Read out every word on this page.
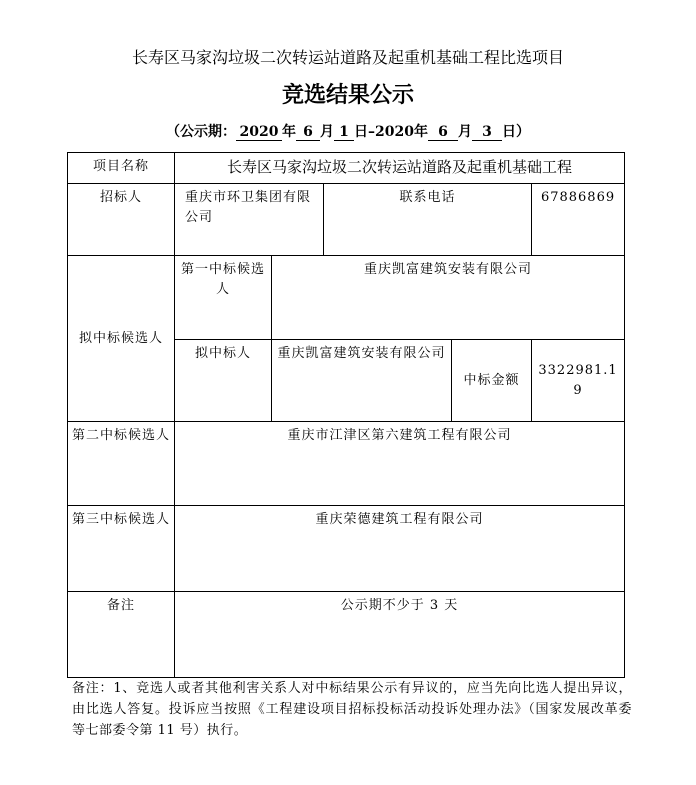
长寿区马家沟垃圾二次转运站道路及起重机基础工程比选项目
竞选结果公示
（公示期： 2020 年 6 月 1 日–2020年 6 月 3 日）
项目名称	长寿区马家沟垃圾二次转运站道路及起重机基础工程				
招标人	重庆市环卫集团有限公司		联系电话		67886869
拟中标候选人	第一中标候选人	重庆凯富建筑安装有限公司			
	拟中标人	重庆凯富建筑安装有限公司		中标金额	3322981.19
第二中标候选人	重庆市江津区第六建筑工程有限公司				
第三中标候选人	重庆荣德建筑工程有限公司				
备注	公示期不少于 3 天				
备注：1、竞选人或者其他利害关系人对中标结果公示有异议的，应当先向比选人提出异议，由比选人答复。投诉应当按照《工程建设项目招标投标活动投诉处理办法》（国家发展改革委等七部委令第 11 号）执行。
